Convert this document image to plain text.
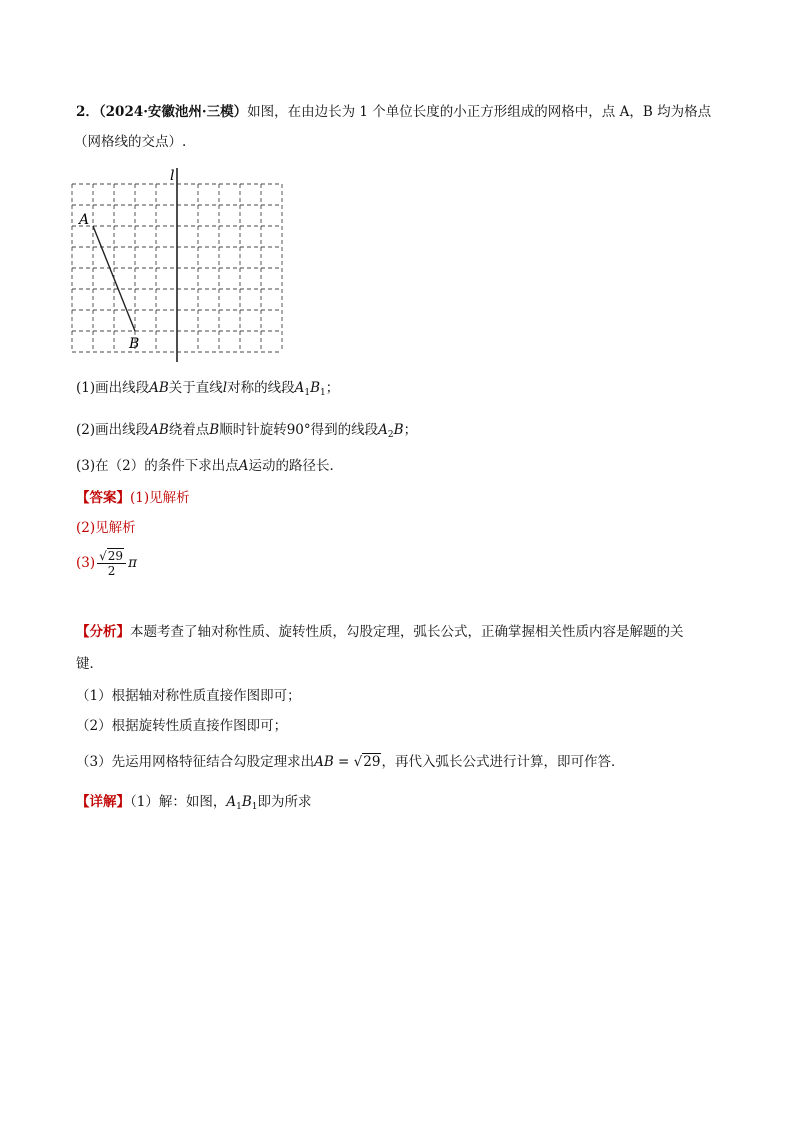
2．（2024·安徽池州·三模）如图，在由边长为 1 个单位长度的小正方形组成的网格中，点 A，B 均为格点
（网格线的交点）.
l
A
B
(1)画出线段AB关于直线l对称的线段$A_1B_1$；
(2)画出线段AB绕着点B顺时针旋转90°得到的线段$A_2B$；
(3)在（2）的条件下求出点A运动的路径长．
【答案】(1)见解析
(2)见解析
$(3) \frac{√29}{2}$ π
【分析】本题考查了轴对称性质、旋转性质，勾股定理，弧长公式，正确掌握相关性质内容是解题的关
键．
（1）根据轴对称性质直接作图即可；
（2）根据旋转性质直接作图即可；
（3）先运用网格特征结合勾股定理求出AB = √29，再代入弧长公式进行计算，即可作答．
【详解】（1）解：如图，$A_1B_1$即为所求
